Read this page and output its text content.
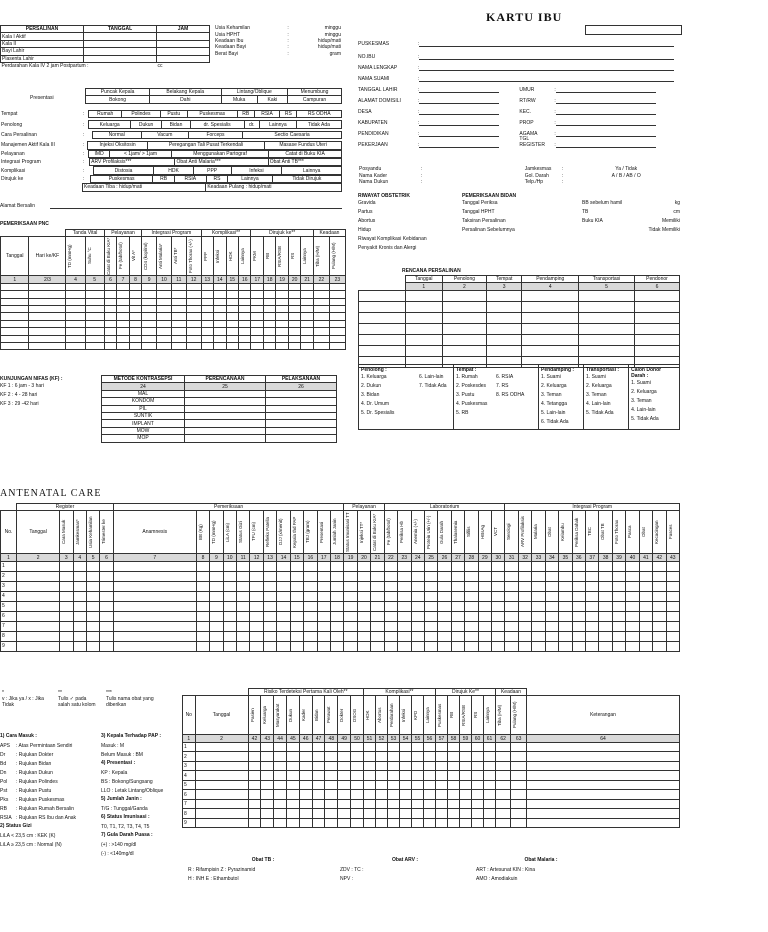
KARTU IBU
PERSALINAN	TANGGAL	JAM
Kala I Aktif		
Kala II		
Bayi Lahir		
Plasenta Lahir		
Perdarahan Kala IV 2 jam Postpartum :		cc
Usia Kehamilan	:	minggu
Usia HPHT	:	minggu
Keadaan Ibu	:	hidup/mati
Keadaan Bayi	:	hidup/mati
Berat Bayi	:	gram
Presentasi
Puncak Kepala	Belakang Kepala	Lintang/Oblique		Menumbung
Bokong	Dahi	Muka	Kaki	Campuran
Tempat	:	Rumah	Polindes	Pustu	Puskesmas	RB	RSIA	RS	RS ODHA
Penolong	:	Keluarga	Dukun	Bidan	dr. Spesialis	dr.	Lainnya	Tidak Ada
Cara Persalinan	:	Normal	Vacum	Forceps	Sectio Caesaria
Manajemen Aktif Kala III	:	Injeksi Oksitosin	Peregangan Tali Pusat Terkendali	Masase Fundus Uteri
Pelayanan	:	IMD	< 1jam/ > 1jam	Menggunakan Partograf	Catat di Buku KIA
Integrasi Program	:	ARV Profilaksis***	Obat Anti Malaria***	Obat Anti TB***
Komplikasi	:	Distosia	HDK	PPP	Infeksi	Lainnya
Dirujuk ke	:	Puskesmas	RB	RSIA	RS	Lainnya	Tidak Dirujuk
	Keadaan Tiba : hidup/mati	Keadaan Pulang : hidup/mati
Alamat Bersalin
PUSKESMAS	:
NO.IBU	:
NAMA LENGKAP	:
NAMA SUAMI	:
TANGGAL LAHIR	:	UMUR	:
ALAMAT DOMISILI	:	RT/RW	:
DESA	:	KEC.	:
KABUPATEN	:	PROP	:
PENDIDIKAN	:	AGAMA	:
PEKERJAAN	:
TGL REGISTER	:
Posyandu	:		Jamkesmas	:	Ya / Tidak
Nama Kader	:		Gol. Darah	:	A / B / AB / O
Nama Dukun	:		Telp./Hp	:	
RIWAYAT OBSTETRIK	PEMERIKSAAN BIDAN
Gravida
Partus
Abortus
Hidup
Riwayat Komplikasi Kebidanan
Penyakit Kronis dan Alergi
Tanggal Periksa
Tanggal HPHT
Taksiran Persalinan
Persalinan Sebelumnya
BB sebelum hamil	kg
TB	cm
Buku KIA	Memiliki
Tidak Memiliki
PEMERIKSAAN PNC
		Tanda Vital		Pelayanan			Integrasi Program				Komplikasi**				Dirujuk ke**					Keadaan	

Tanggal	Hari ke/KF	TD (mmHg)	Suhu °C	Catat di Buku KIA*	Fe (tab/botol)	Vit A*	CD4 (kopi/ml)	Anti Malaria*	Anti TB*	Foto Thorax (+/-)	PPP	Infeksi	HDK	Lainnya	PKM	RB	RSIA/RSB	RS	Lainnya	Tiba (H/M)	Pulang (H/M)

1	2/3	4	5	6	7	8	9	10	11	12	13	14	15	16	17	18	19	20	21	22	23

RENCANA PERSALINAN
	Tanggal	Penolong	Tempat	Pendamping	Transportasi	Pendonor
	1	2	3	4	5	6

Penolong :
1. Keluarga
2. Dukun
3. Bidan
4. Dr. Umum
5. Dr. Spesialis
6. Lain-lain
7. Tidak Ada

Tempat :
1. Rumah
2. Poskesdes
3. Pustu
4. Puskesmas
5. RB
6. RSIA
7. RS
8. RS ODHA

Pendamping :
1. Suami
2. Keluarga
3. Teman
4. Tetangga
5. Lain-lain
6. Tidak Ada

Transportasi :
1. Suami
2. Keluarga
3. Teman
4. Lain-lain
5. Tidak Ada

Calon Donor Darah :
1. Suami
2. Keluarga
3. Teman
4. Lain-lain
5. Tidak Ada
KUNJUNGAN NIFAS (KF) :
KF 1 : 6 jam - 3 hari
KF 2 : 4 - 28 hari
KF 3 : 29 -42 hari
METODE KONTRASEPSI	PERENCANAAN	PELAKSANAAN
24	25	26
MAL		
KONDOM		
PIL		
SUNTIK		
IMPLANT		
MOW		
MOP		
ANTENATAL CARE
	Register					Pemeriksaan												Pelayanan			Laboratorium									Integrasi Program												

No.	Tanggal	Cara Masuk	Jamkesmas*	Usia Kehamilan	Trimester ke	Anamnesis	BB (Kg)	TD (mmHg)	LiLA (cm)	Status Gizi	TFU (cm)	Refleks Patella	DJJ (x/menit)	Kepala thd PAP	TBJ (gram)	Presentasi	Jumlah Janin	Status Imunisasi TT	Injeksi TT*	Catat di Buku KIA*	Fe (tab/botol)	Periksa Hb	Anemia (+/-)	Protein Urin (+/-)	Gula Darah	Thalasemia	Sifilis	HBsAg	VCT	Serologi	ARV Profilaksis	Malaria	Obat	Kelambu	Periksa Dahak	TBC	Obat TB	Foto Thorax	Pasca	Obat	Kecacingan	Fasces

1	2	3	4	5	6	7	8	9	10	11	12	13	14	15	16	17	18	19	20	21	22	23	24	25	26	27	28	29	30	31	32	33	34	35	36	37	38	39	40	41	42	43
1																																										
2																																										
3																																										
4																																										
5																																										
6																																										
7																																										
8																																										
9																																										
*
v : Jika ya / x : Jika Tidak
**
Tulis ✓ pada salah satu kolom
***
Tulis nama obat yang diberikan
1) Cara Masuk :
APS	: Atas Permintaan Sendiri
Dr	: Rujukan Dokter
Bd	: Rujukan Bidan
Dn	: Rujukan Dukun
Pol	: Rujukan Polindes
Pst	: Rujukan Pustu
Pks	: Rujukan Puskesmas
RB	: Rujukan Rumah Bersalin
RSIA : Rujukan RS Ibu dan Anak
2) Status Gizi
LiLA < 23,5 cm : KEK (K)
LiLA ≥ 23,5 cm : Normal (N)
3) Kepala Terhadap PAP :
Masuk : M
Belum Masuk : BM
4) Presentasi :
KP : Kepala
BS : Bokong/Sungsang
LLO : Letak Lintang/Oblique
5) Jumlah Janin :
T/G : Tunggal/Ganda
6) Status Imunisasi :
T0, T1, T2, T3, T4, T5
7) Gula Darah Puasa :
(+) : >140 mg/dl
(-) : <140mg/dl
Obat TB :
R : Rifampisin Z : Pyrazinamid
H : INH E : Ethambutol
Obat ARV :
ZDV : TC :
NPV :
Obat Malaria :
ART : Artesunat KIN : Kina
AMO : Amodiakuin
		Risiko Terdeteksi Pertama Kali Oleh**									Komplikasi**						Dirujuk Ke**					Keadaan		

No	Tanggal	Pasien	Keluarga	Masyarakat	Dukun	Kader	Bidan	Perawat	Dokter	DSOG	HDK	Abortus	Perdarahan	Infeksi	KPD	Lainnya	Puskesmas	RB	RSIA/RSB	RS	Lainnya	Tiba (H/M)	Pulang (H/M)	Keterangan

1	2	42	43	44	45	46	47	48	49	50	51	52	53	54	55	56	57	58	59	60	61	62	63	64
1																								
2																								
3																								
4																								
5																								
6																								
7																								
8																								
9																								
